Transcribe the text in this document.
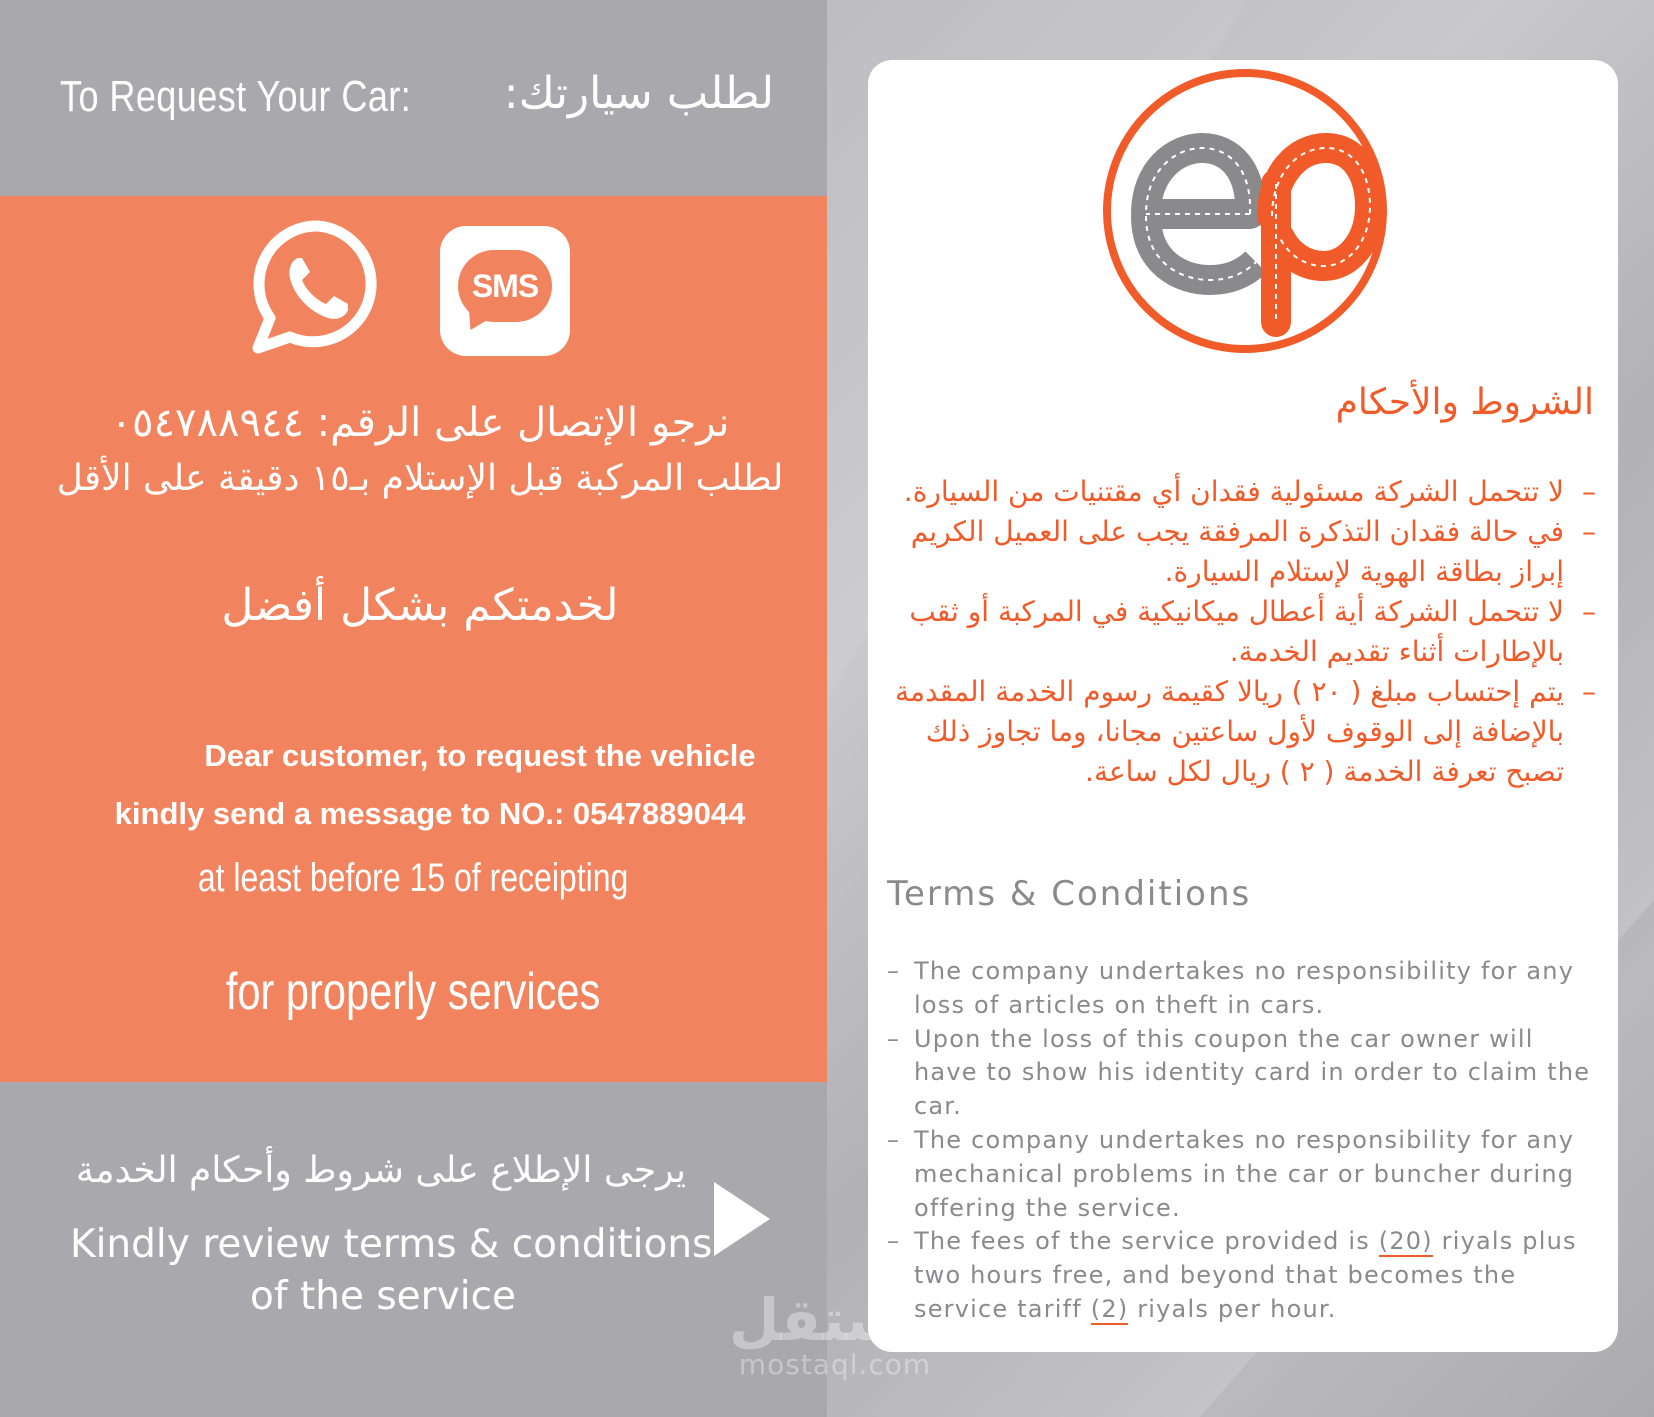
To Request Your Car: لطلب سيارتك:
SMS
نرجو الإتصال على الرقم: ٠٥٤٧٨٨٩٤٤
لطلب المركبة قبل الإستلام بـ١٥ دقيقة على الأقل
لخدمتكم بشكل أفضل
Dear customer, to request the vehicle
kindly send a message to NO.: 0547889044
at least before 15 of receipting
for properly services
يرجى الإطلاع على شروط وأحكام الخدمة
Kindly review terms & conditions
of the service
الشروط والأحكام
–
لا تتحمل الشركة مسئولية فقدان أي مقتنيات من السيارة.
–
في حالة فقدان التذكرة المرفقة يجب على العميل الكريم إبراز بطاقة الهوية لإستلام السيارة.
–
لا تتحمل الشركة أية أعطال ميكانيكية في المركبة أو ثقب بالإطارات أثناء تقديم الخدمة.
–
يتم إحتساب مبلغ ( ٢٠ ) ريالا كقيمة رسوم الخدمة المقدمة بالإضافة إلى الوقوف لأول ساعتين مجانا، وما تجاوز ذلك تصبح تعرفة الخدمة ( ٢ ) ريال لكل ساعة.
Terms & Conditions
– The company undertakes no responsibility for any loss of articles on theft in cars.
– Upon the loss of this coupon the car owner will have to show his identity card in order to claim the car.
– The company undertakes no responsibility for any mechanical problems in the car or buncher during offering the service.
– The fees of the service provided is (20) riyals plus two hours free, and beyond that becomes the service tariff (2) riyals per hour.
مستقل
mostaql.com
